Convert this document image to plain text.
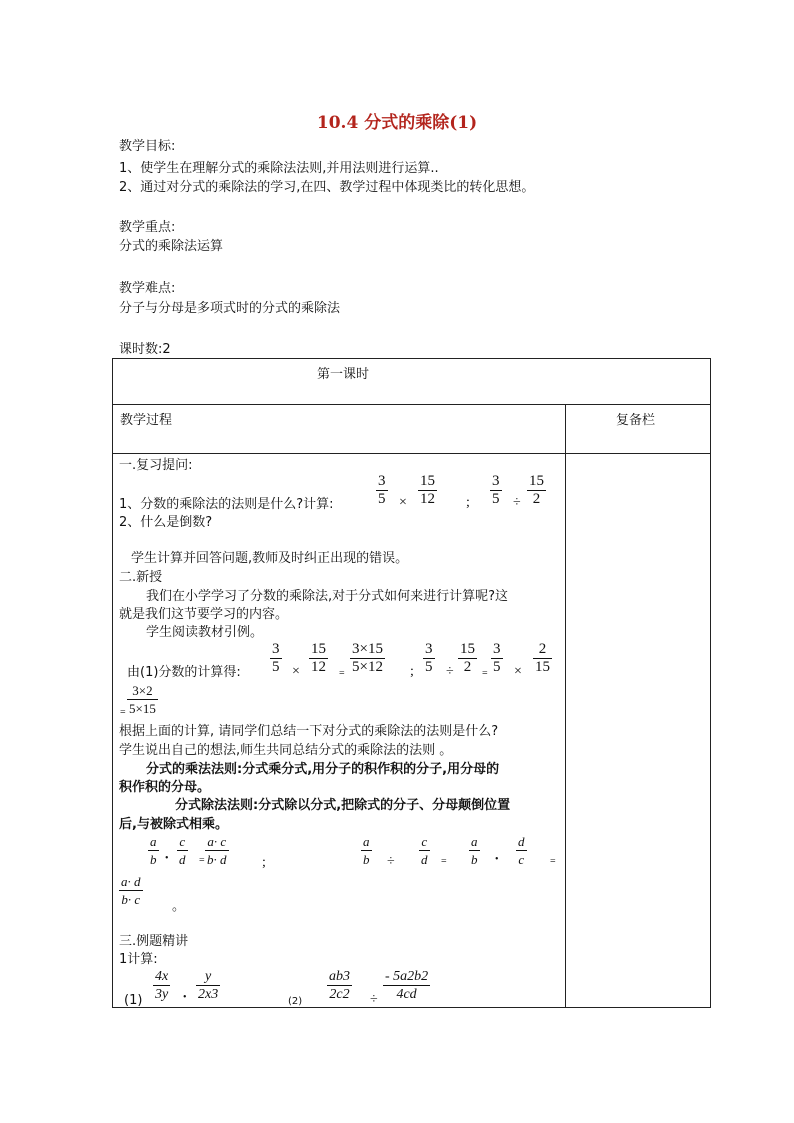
10.4 分式的乘除(1)
教学目标:
1、使学生在理解分式的乘除法法则,并用法则进行运算..
2、通过对分式的乘除法的学习,在四、教学过程中体现类比的转化思想。
教学重点:
分式的乘除法运算
教学难点:
分子与分母是多项式时的分式的乘除法
课时数:2
第一课时	

教学过程	复备栏

一.复习提问:
$\frac{3}{5} \times \frac{15}{12}$ ; $\frac{3}{5} \div \frac{15}{2}$
1、分数的乘除法的法则是什么?计算:
2、什么是倒数?
学生计算并回答问题,教师及时纠正出现的错误。
二.新授
我们在小学学习了分数的乘除法,对于分式如何来进行计算呢?这
就是我们这节要学习的内容。
学生阅读教材引例。
由(1)分数的计算得: $\frac{3}{5} \times \frac{15}{12} = \frac{3\times 15}{5\times 12}$ ; $\frac{3}{5} \div \frac{15}{2} = \frac{3}{5} \times \frac{2}{15}$
= $\frac{3\times 2}{5\times 15}$
根据上面的计算, 请同学们总结一下对分式的乘除法的法则是什么?
学生说出自己的想法,师生共同总结分式的乘除法的法则 。
分式的乘法法则:分式乘分式,用分子的积作积的分子,用分母的
积作积的分母。
分式除法法则:分式除以分式,把除式的分子、分母颠倒位置
后,与被除式相乘。
$\frac{a}{b}$ • $\frac{c}{d} = \frac{a\cdot c}{b\cdot d}$ ;	$\frac{a}{b} \div \frac{c}{d} = \frac{a}{b}$ • $\frac{d}{c}$ =
$\frac{a\cdot d}{b\cdot c}$ 。
三.例题精讲
1计算:
$(1) \frac{4x}{3y}$ • $\frac{y}{2x3}$	$(2) \frac{ab3}{2c2} \div \frac{- 5a2b2}{4cd}$
